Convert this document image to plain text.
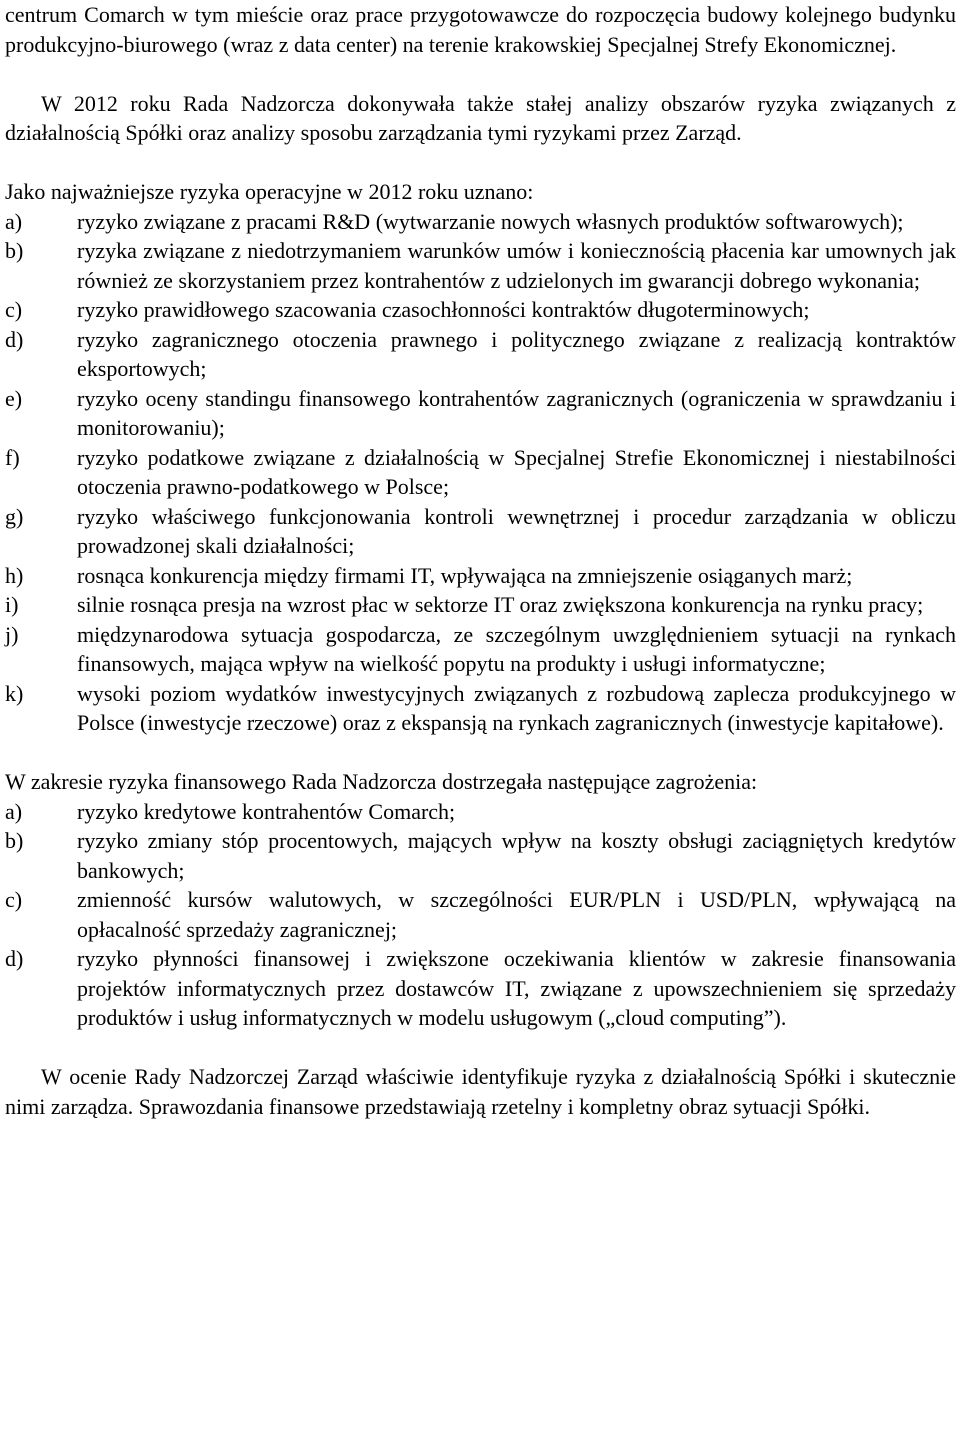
centrum Comarch w tym mieście oraz prace przygotowawcze do rozpoczęcia budowy kolejnego budynku produkcyjno-biurowego (wraz z data center) na terenie krakowskiej Specjalnej Strefy Ekonomicznej.

W 2012 roku Rada Nadzorcza dokonywała także stałej analizy obszarów ryzyka związanych z działalnością Spółki oraz analizy sposobu zarządzania tymi ryzykami przez Zarząd.

Jako najważniejsze ryzyka operacyjne w 2012 roku uznano:

a)	ryzyko związane z pracami R&D (wytwarzanie nowych własnych produktów softwarowych);
b)	ryzyka związane z niedotrzymaniem warunków umów i koniecznością płacenia kar umownych jak również ze skorzystaniem przez kontrahentów z udzielonych im gwarancji dobrego wykonania;
c)	ryzyko prawidłowego szacowania czasochłonności kontraktów długoterminowych;
d)	ryzyko zagranicznego otoczenia prawnego i politycznego związane z realizacją kontraktów eksportowych;
e)	ryzyko oceny standingu finansowego kontrahentów zagranicznych (ograniczenia w sprawdzaniu i monitorowaniu);
f)	ryzyko podatkowe związane z działalnością w Specjalnej Strefie Ekonomicznej i niestabilności otoczenia prawno-podatkowego w Polsce;
g)	ryzyko właściwego funkcjonowania kontroli wewnętrznej i procedur zarządzania w obliczu prowadzonej skali działalności;
h)	rosnąca konkurencja między firmami IT, wpływająca na zmniejszenie osiąganych marż;
i)	silnie rosnąca presja na wzrost płac w sektorze IT oraz zwiększona konkurencja na rynku pracy;
j)	międzynarodowa sytuacja gospodarcza, ze szczególnym uwzględnieniem sytuacji na rynkach finansowych, mająca wpływ na wielkość popytu na produkty i usługi informatyczne;
k)	wysoki poziom wydatków inwestycyjnych związanych z rozbudową zaplecza produkcyjnego w Polsce (inwestycje rzeczowe) oraz z ekspansją na rynkach zagranicznych (inwestycje kapitałowe).

W zakresie ryzyka finansowego Rada Nadzorcza dostrzegała następujące zagrożenia:

a)	ryzyko kredytowe kontrahentów Comarch;
b)	ryzyko zmiany stóp procentowych, mających wpływ na koszty obsługi zaciągniętych kredytów bankowych;
c)	zmienność kursów walutowych, w szczególności EUR/PLN i USD/PLN, wpływającą na opłacalność sprzedaży zagranicznej;
d)	ryzyko płynności finansowej i zwiększone oczekiwania klientów w zakresie finansowania projektów informatycznych przez dostawców IT, związane z upowszechnieniem się sprzedaży produktów i usług informatycznych w modelu usługowym („cloud computing”).

W ocenie Rady Nadzorczej Zarząd właściwie identyfikuje ryzyka z działalnością Spółki i skutecznie nimi zarządza. Sprawozdania finansowe przedstawiają rzetelny i kompletny obraz sytuacji Spółki.
